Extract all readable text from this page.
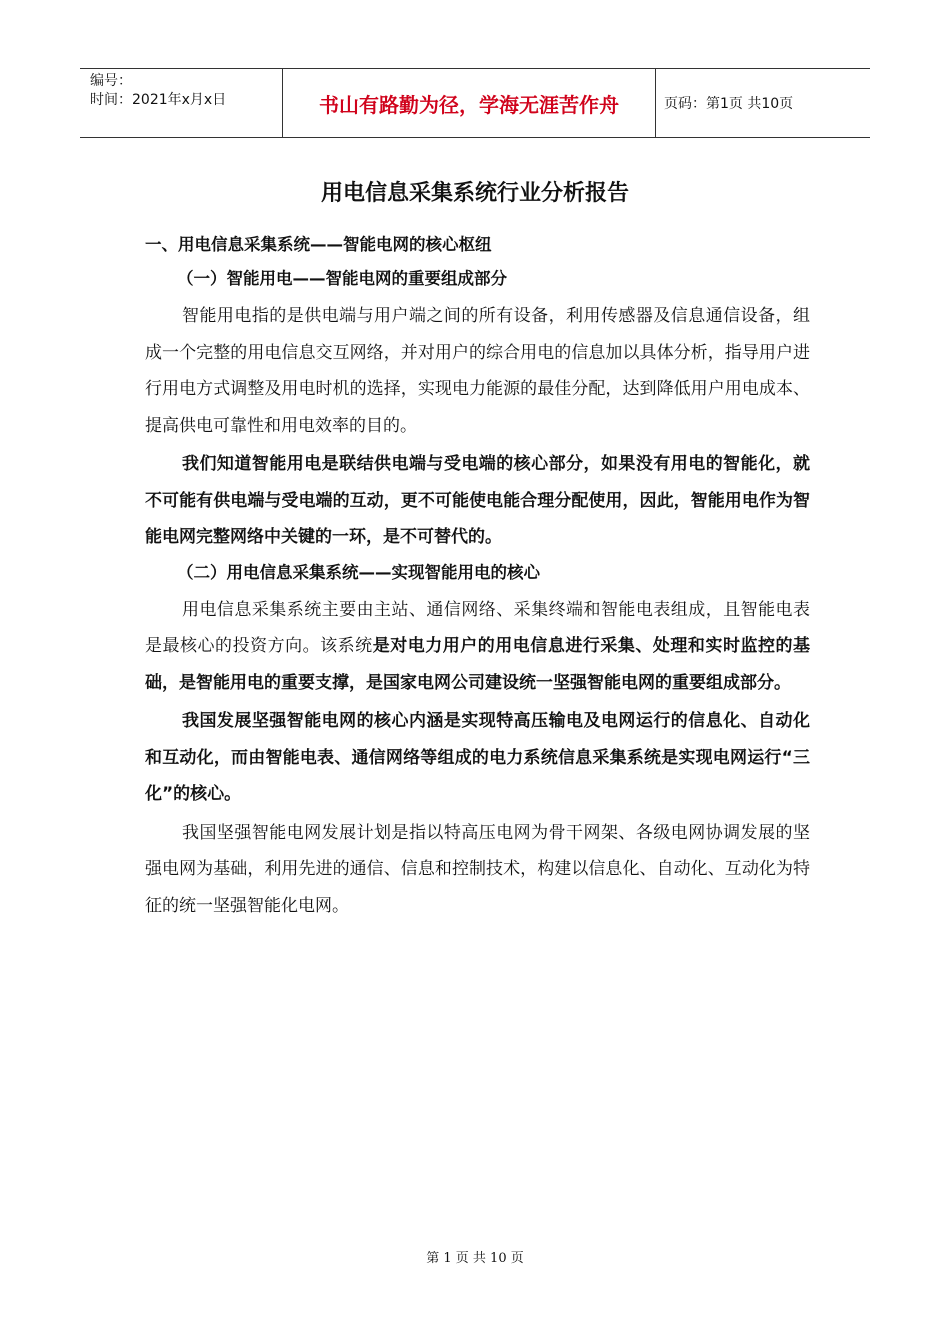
编号：
时间：2021年x月x日	书山有路勤为径，学海无涯苦作舟	页码：第1页 共10页
用电信息采集系统行业分析报告
一、用电信息采集系统——智能电网的核心枢纽
（一）智能用电——智能电网的重要组成部分

智能用电指的是供电端与用户端之间的所有设备，利用传感器及信息通信设备，组成一个完整的用电信息交互网络，并对用户的综合用电的信息加以具体分析，指导用户进行用电方式调整及用电时机的选择，实现电力能源的最佳分配，达到降低用户用电成本、提高供电可靠性和用电效率的目的。

我们知道智能用电是联结供电端与受电端的核心部分，如果没有用电的智能化，就不可能有供电端与受电端的互动，更不可能使电能合理分配使用，因此，智能用电作为智能电网完整网络中关键的一环，是不可替代的。

（二）用电信息采集系统——实现智能用电的核心

用电信息采集系统主要由主站、通信网络、采集终端和智能电表组成，且智能电表是最核心的投资方向。该系统是对电力用户的用电信息进行采集、处理和实时监控的基础，是智能用电的重要支撑，是国家电网公司建设统一坚强智能电网的重要组成部分。

我国发展坚强智能电网的核心内涵是实现特高压输电及电网运行的信息化、自动化和互动化，而由智能电表、通信网络等组成的电力系统信息采集系统是实现电网运行“三化”的核心。

我国坚强智能电网发展计划是指以特高压电网为骨干网架、各级电网协调发展的坚强电网为基础，利用先进的通信、信息和控制技术，构建以信息化、自动化、互动化为特征的统一坚强智能化电网。

第 1 页 共 10 页
